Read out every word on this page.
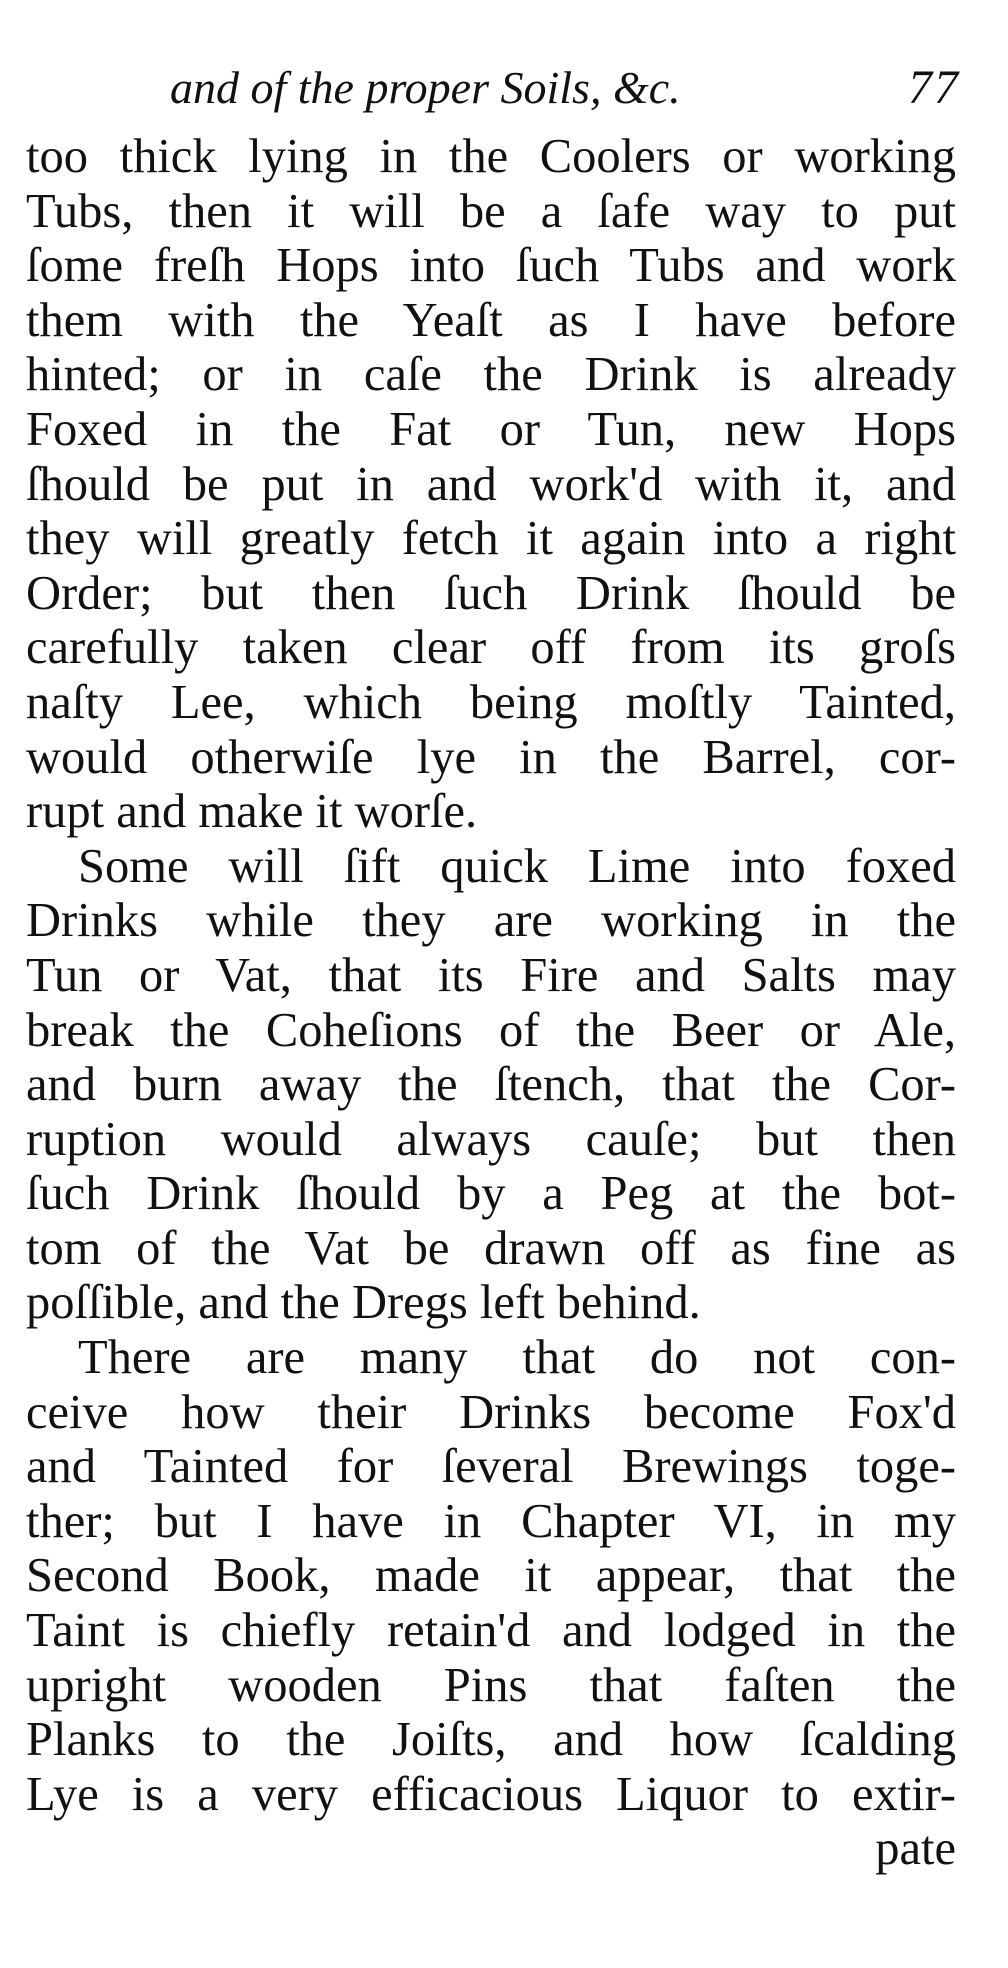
and of the proper Soils, &c.	77
too thick lying in the Coolers or working
Tubs, then it will be a ſafe way to put
ſome freſh Hops into ſuch Tubs and work
them with the Yeaſt as I have before
hinted; or in caſe the Drink is already
Foxed in the Fat or Tun, new Hops
ſhould be put in and work'd with it, and
they will greatly fetch it again into a right
Order; but then ſuch Drink ſhould be
carefully taken clear off from its groſs
naſty Lee, which being moſtly Tainted,
would otherwiſe lye in the Barrel, cor-
rupt and make it worſe.
Some will ſift quick Lime into foxed
Drinks while they are working in the
Tun or Vat, that its Fire and Salts may
break the Coheſions of the Beer or Ale,
and burn away the ſtench, that the Cor-
ruption would always cauſe; but then
ſuch Drink ſhould by a Peg at the bot-
tom of the Vat be drawn off as fine as
poſſible, and the Dregs left behind.
There are many that do not con-
ceive how their Drinks become Fox'd
and Tainted for ſeveral Brewings toge-
ther; but I have in Chapter VI, in my
Second Book, made it appear, that the
Taint is chiefly retain'd and lodged in the
upright wooden Pins that faſten the
Planks to the Joiſts, and how ſcalding
Lye is a very efficacious Liquor to extir-
pate
